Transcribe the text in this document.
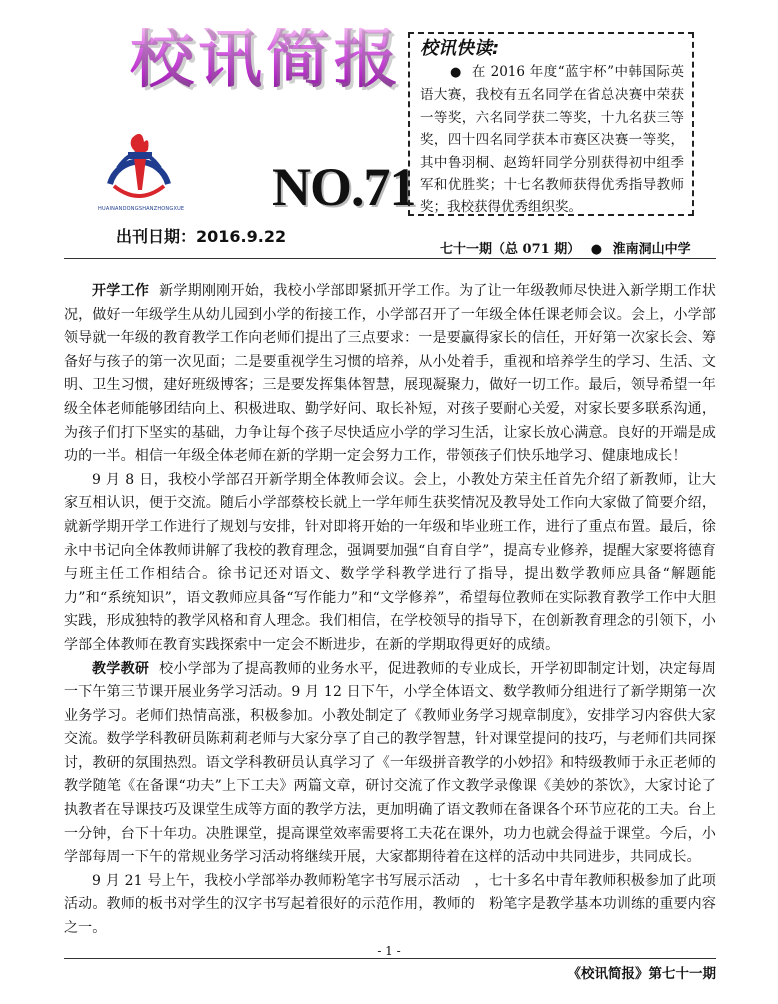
校讯简报
HUAINANDONGSHANZHONGXUE NO.71
出刊日期：2016.9.22
校讯快读:

● 在 2016 年度“蓝宇杯”中韩国际英语大赛，我校有五名同学在省总决赛中荣获一等奖，六名同学获二等奖，十九名获三等奖，四十四名同学获本市赛区决赛一等奖，其中鲁羽桐、赵筠轩同学分别获得初中组季军和优胜奖；十七名教师获得优秀指导教师奖；我校获得优秀组织奖。

七十一期（总 071 期） ● 淮南洞山中学

开学工作 新学期刚刚开始，我校小学部即紧抓开学工作。为了让一年级教师尽快进入新学期工作状况，做好一年级学生从幼儿园到小学的衔接工作，小学部召开了一年级全体任课老师会议。会上，小学部领导就一年级的教育教学工作向老师们提出了三点要求：一是要赢得家长的信任，开好第一次家长会、筹备好与孩子的第一次见面；二是要重视学生习惯的培养，从小处着手，重视和培养学生的学习、生活、文明、卫生习惯，建好班级博客；三是要发挥集体智慧，展现凝聚力，做好一切工作。最后，领导希望一年级全体老师能够团结向上、积极进取、勤学好问、取长补短，对孩子要耐心关爱，对家长要多联系沟通，为孩子们打下坚实的基础，力争让每个孩子尽快适应小学的学习生活，让家长放心满意。良好的开端是成功的一半。相信一年级全体老师在新的学期一定会努力工作，带领孩子们快乐地学习、健康地成长！

9 月 8 日，我校小学部召开新学期全体教师会议。会上，小教处方荣主任首先介绍了新教师，让大家互相认识，便于交流。随后小学部蔡校长就上一学年师生获奖情况及教导处工作向大家做了简要介绍，就新学期开学工作进行了规划与安排，针对即将开始的一年级和毕业班工作，进行了重点布置。最后，徐永中书记向全体教师讲解了我校的教育理念，强调要加强“自育自学”，提高专业修养，提醒大家要将德育与班主任工作相结合。徐书记还对语文、数学学科教学进行了指导，提出数学教师应具备“解题能力”和“系统知识”，语文教师应具备“写作能力”和“文学修养”，希望每位教师在实际教育教学工作中大胆实践，形成独特的教学风格和育人理念。我们相信，在学校领导的指导下，在创新教育理念的引领下，小学部全体教师在教育实践探索中一定会不断进步，在新的学期取得更好的成绩。

教学教研 校小学部为了提高教师的业务水平，促进教师的专业成长，开学初即制定计划，决定每周一下午第三节课开展业务学习活动。9 月 12 日下午，小学全体语文、数学教师分组进行了新学期第一次业务学习。老师们热情高涨，积极参加。小教处制定了《教师业务学习规章制度》，安排学习内容供大家交流。数学学科教研员陈莉莉老师与大家分享了自己的教学智慧，针对课堂提问的技巧，与老师们共同探讨，教研的氛围热烈。语文学科教研员认真学习了《一年级拼音教学的小妙招》和特级教师于永正老师的教学随笔《在备课“功夫”上下工夫》两篇文章，研讨交流了作文教学录像课《美妙的茶饮》，大家讨论了执教者在导课技巧及课堂生成等方面的教学方法，更加明确了语文教师在备课各个环节应花的工夫。台上一分钟，台下十年功。决胜课堂，提高课堂效率需要将工夫花在课外，功力也就会得益于课堂。今后，小学部每周一下午的常规业务学习活动将继续开展，大家都期待着在这样的活动中共同进步，共同成长。

9 月 21 号上午，我校小学部举办教师粉笔字书写展示活动　，七十多名中青年教师积极参加了此项活动。教师的板书对学生的汉字书写起着很好的示范作用，教师的　粉笔字是教学基本功训练的重要内容之一。

- 1 -
《校讯简报》第七十一期
